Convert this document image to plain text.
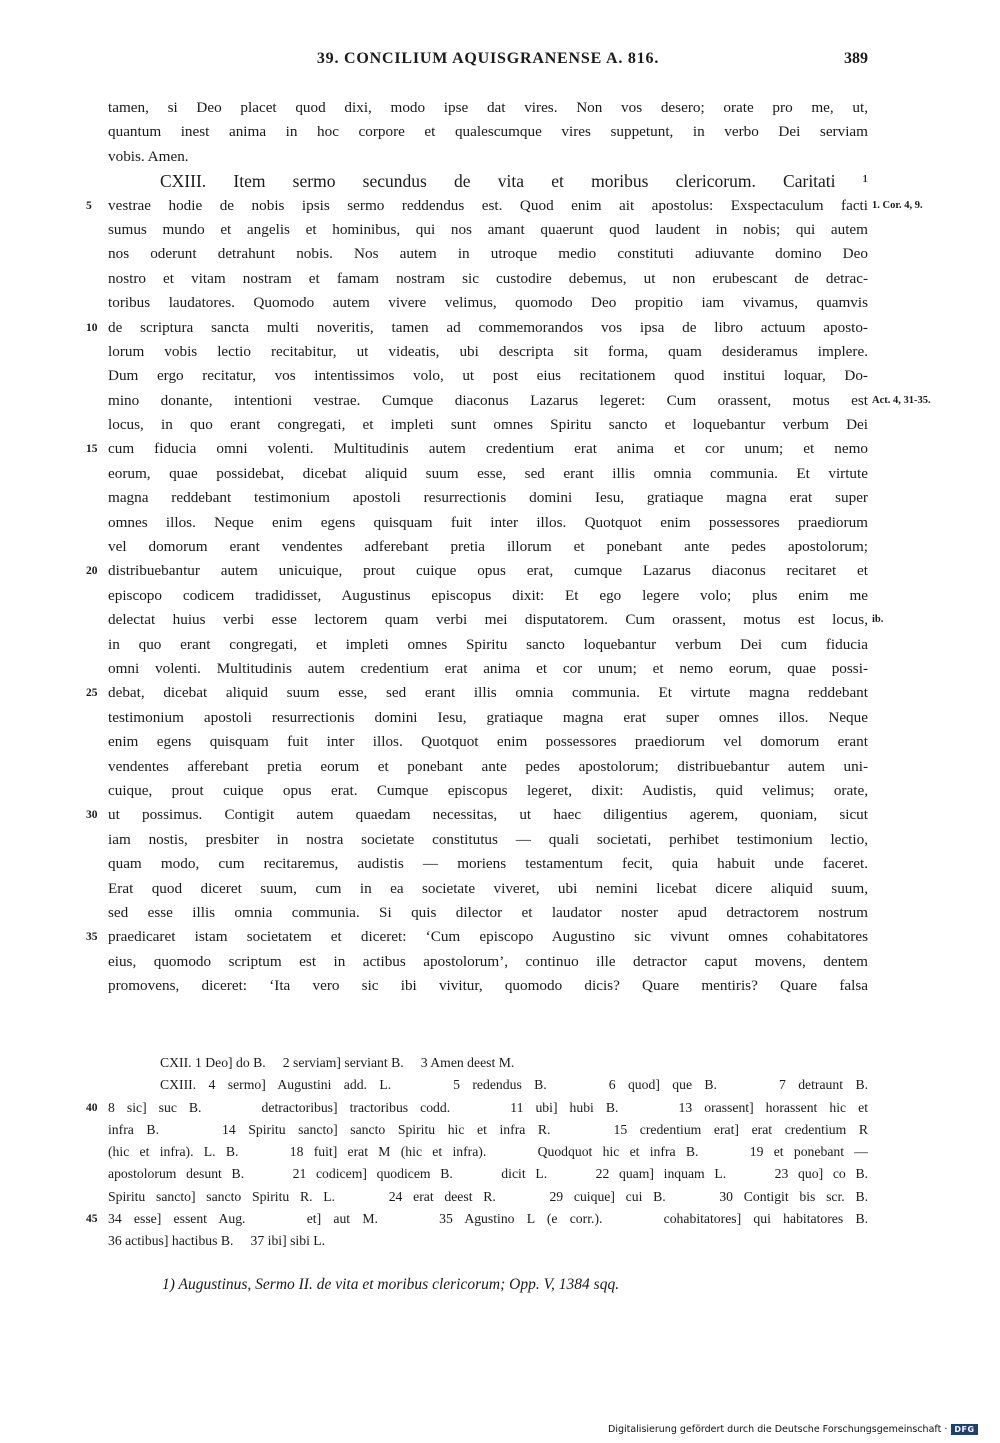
39. CONCILIUM AQUISGRANENSE A. 816.	389
tamen, si Deo placet quod dixi, modo ipse dat vires. Non vos desero; orate pro me, ut,
quantum inest anima in hoc corpore et qualescumque vires suppetunt, in verbo Dei serviam
vobis. Amen.
CXIII. Item sermo secundus de vita et moribus clericorum. Caritati ¹
vestrae hodie de nobis ipsis sermo reddendus est. Quod enim ait apostolus: Exspectaculum facti
5	1. Cor. 4, 9.
sumus mundo et angelis et hominibus, qui nos amant quaerunt quod laudent in nobis; qui autem
nos oderunt detrahunt nobis. Nos autem in utroque medio constituti adiuvante domino Deo
nostro et vitam nostram et famam nostram sic custodire debemus, ut non erubescant de detrac-
toribus laudatores. Quomodo autem vivere velimus, quomodo Deo propitio iam vivamus, quamvis
de scriptura sancta multi noveritis, tamen ad commemorandos vos ipsa de libro actuum aposto-
10
lorum vobis lectio recitabitur, ut videatis, ubi descripta sit forma, quam desideramus implere.
Dum ergo recitatur, vos intentissimos volo, ut post eius recitationem quod institui loquar, Do-
mino donante, intentioni vestrae. Cumque diaconus Lazarus legeret: Cum orassent, motus est Act. 4, 31-35.
locus, in quo erant congregati, et impleti sunt omnes Spiritu sancto et loquebantur verbum Dei
cum fiducia omni volenti. Multitudinis autem credentium erat anima et cor unum; et nemo
15
eorum, quae possidebat, dicebat aliquid suum esse, sed erant illis omnia communia. Et virtute
magna reddebant testimonium apostoli resurrectionis domini Iesu, gratiaque magna erat super
omnes illos. Neque enim egens quisquam fuit inter illos. Quotquot enim possessores praediorum
vel domorum erant vendentes adferebant pretia illorum et ponebant ante pedes apostolorum;
distribuebantur autem unicuique, prout cuique opus erat, cumque Lazarus diaconus recitaret et
20
episcopo codicem tradidisset, Augustinus episcopus dixit: Et ego legere volo; plus enim me
delectat huius verbi esse lectorem quam verbi mei disputatorem. Cum orassent, motus est locus, ib.
in quo erant congregati, et impleti omnes Spiritu sancto loquebantur verbum Dei cum fiducia
omni volenti. Multitudinis autem credentium erat anima et cor unum; et nemo eorum, quae possi-
debat, dicebat aliquid suum esse, sed erant illis omnia communia. Et virtute magna reddebant
25
testimonium apostoli resurrectionis domini Iesu, gratiaque magna erat super omnes illos. Neque
enim egens quisquam fuit inter illos. Quotquot enim possessores praediorum vel domorum erant
vendentes afferebant pretia eorum et ponebant ante pedes apostolorum; distribuebantur autem uni-
cuique, prout cuique opus erat. Cumque episcopus legeret, dixit: Audistis, quid velimus; orate,
ut possimus. Contigit autem quaedam necessitas, ut haec diligentius agerem, quoniam, sicut
30
iam nostis, presbiter in nostra societate constitutus — quali societati, perhibet testimonium lectio,
quam modo, cum recitaremus, audistis — moriens testamentum fecit, quia habuit unde faceret.
Erat quod diceret suum, cum in ea societate viveret, ubi nemini licebat dicere aliquid suum,
sed esse illis omnia communia. Si quis dilector et laudator noster apud detractorem nostrum
praedicaret istam societatem et diceret: ‘Cum episcopo Augustino sic vivunt omnes cohabitatores
35
eius, quomodo scriptum est in actibus apostolorum’, continuo ille detractor caput movens, dentem
promovens, diceret: ‘Ita vero sic ibi vivitur, quomodo dicis? Quare mentiris? Quare falsa
CXII. 1 Deo] do B.     2 serviam] serviant B.     3 Amen deest M.
CXIII. 4 sermo] Augustini add. L.     5 redendus B.     6 quod] que B.     7 detraunt B.
8 sic] suc B.     detractoribus] tractoribus codd.     11 ubi] hubi B.     13 orassent] horassent hic et
40
infra B.     14 Spiritu sancto] sancto Spiritu hic et infra R.     15 credentium erat] erat credentium R
(hic et infra). L. B.     18 fuit] erat M (hic et infra).     Quodquot hic et infra B.     19 et ponebant —
apostolorum desunt B.     21 codicem] quodicem B.     dicit L.     22 quam] inquam L.     23 quo] co B.
Spiritu sancto] sancto Spiritu R. L.     24 erat deest R.     29 cuique] cui B.     30 Contigit bis scr. B.
34 esse] essent Aug.     et] aut M.     35 Agustino L (e corr.).     cohabitatores] qui habitatores B.
45
36 actibus] hactibus B.     37 ibi] sibi L.
1) Augustinus, Sermo II. de vita et moribus clericorum; Opp. V, 1384 sqq.
Digitalisierung gefördert durch die Deutsche Forschungsgemeinschaft · DFG
